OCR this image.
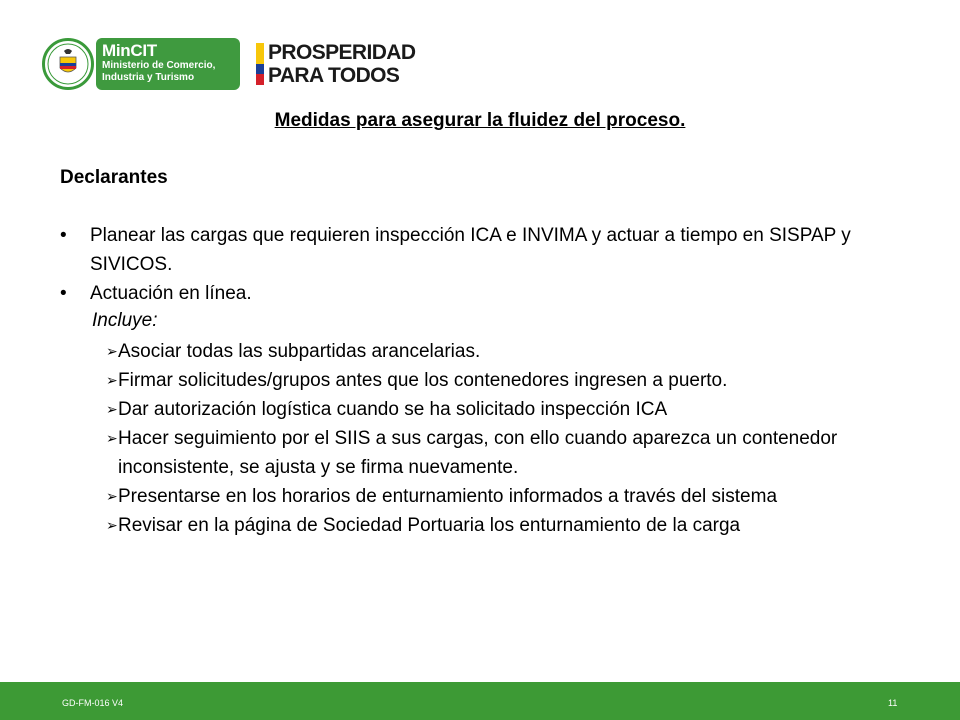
MinCIT
Ministerio de Comercio,
Industria y Turismo
PROSPERIDAD
PARA TODOS
Medidas para asegurar la fluidez del proceso.
Declarantes
• Planear las cargas que requieren inspección ICA e INVIMA y actuar a tiempo en SISPAP y SIVICOS.
• Actuación en línea.
Incluye:
➢ Asociar todas las subpartidas arancelarias.
➢ Firmar solicitudes/grupos antes que los contenedores ingresen a puerto.
➢ Dar autorización logística cuando se ha solicitado inspección ICA
➢ Hacer seguimiento por el SIIS a sus cargas, con ello cuando aparezca un contenedor inconsistente, se ajusta y se firma nuevamente.
➢ Presentarse en los horarios de enturnamiento informados a través del sistema
➢ Revisar en la página de Sociedad Portuaria los enturnamiento de la carga
GD-FM-016 V4	11
